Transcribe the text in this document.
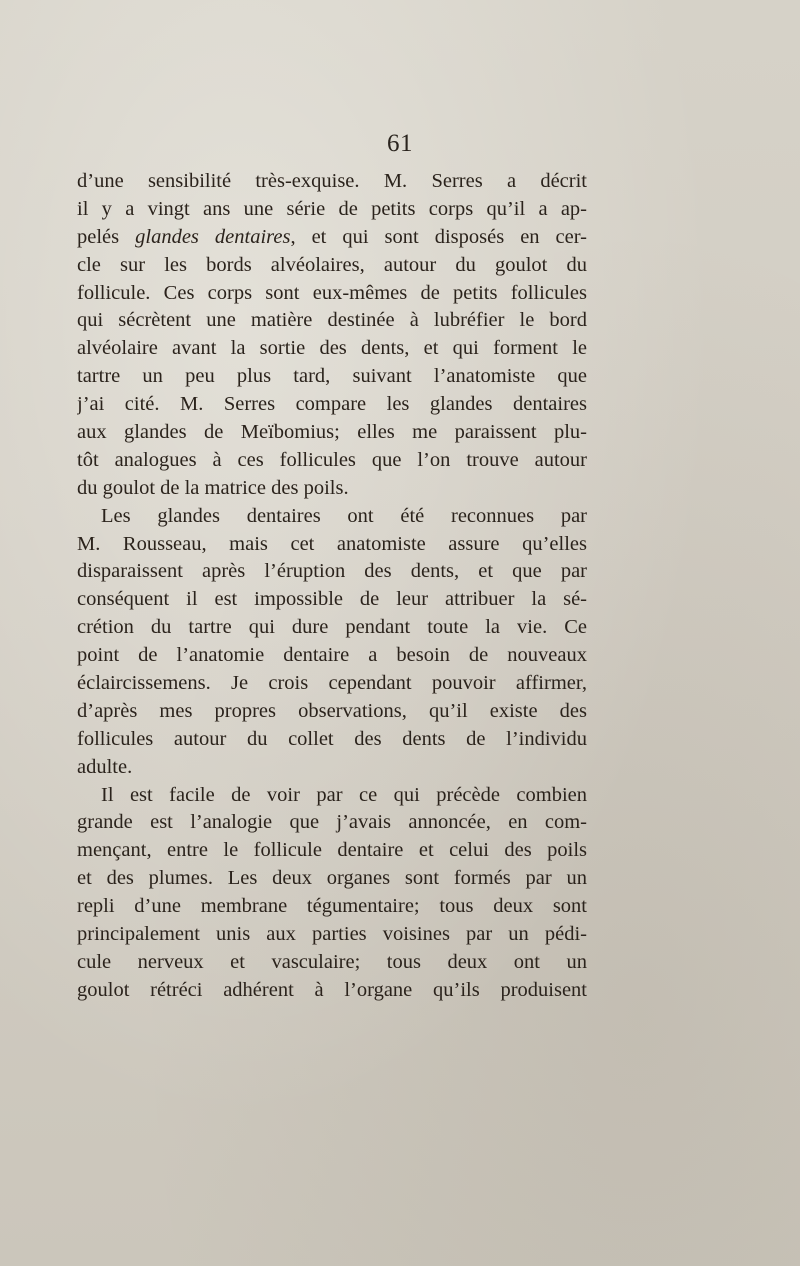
61
d’une sensibilité très-exquise. M. Serres a décrit
il y a vingt ans une série de petits corps qu’il a ap-
pelés glandes dentaires, et qui sont disposés en cer-
cle sur les bords alvéolaires, autour du goulot du
follicule. Ces corps sont eux-mêmes de petits follicules
qui sécrètent une matière destinée à lubréfier le bord
alvéolaire avant la sortie des dents, et qui forment le
tartre un peu plus tard, suivant l’anatomiste que
j’ai cité. M. Serres compare les glandes dentaires
aux glandes de Meïbomius; elles me paraissent plu-
tôt analogues à ces follicules que l’on trouve autour
du goulot de la matrice des poils.
Les glandes dentaires ont été reconnues par
M. Rousseau, mais cet anatomiste assure qu’elles
disparaissent après l’éruption des dents, et que par
conséquent il est impossible de leur attribuer la sé-
crétion du tartre qui dure pendant toute la vie. Ce
point de l’anatomie dentaire a besoin de nouveaux
éclaircissemens. Je crois cependant pouvoir affirmer,
d’après mes propres observations, qu’il existe des
follicules autour du collet des dents de l’individu
adulte.
Il est facile de voir par ce qui précède combien
grande est l’analogie que j’avais annoncée, en com-
mençant, entre le follicule dentaire et celui des poils
et des plumes. Les deux organes sont formés par un
repli d’une membrane tégumentaire; tous deux sont
principalement unis aux parties voisines par un pédi-
cule nerveux et vasculaire; tous deux ont un
goulot rétréci adhérent à l’organe qu’ils produisent
